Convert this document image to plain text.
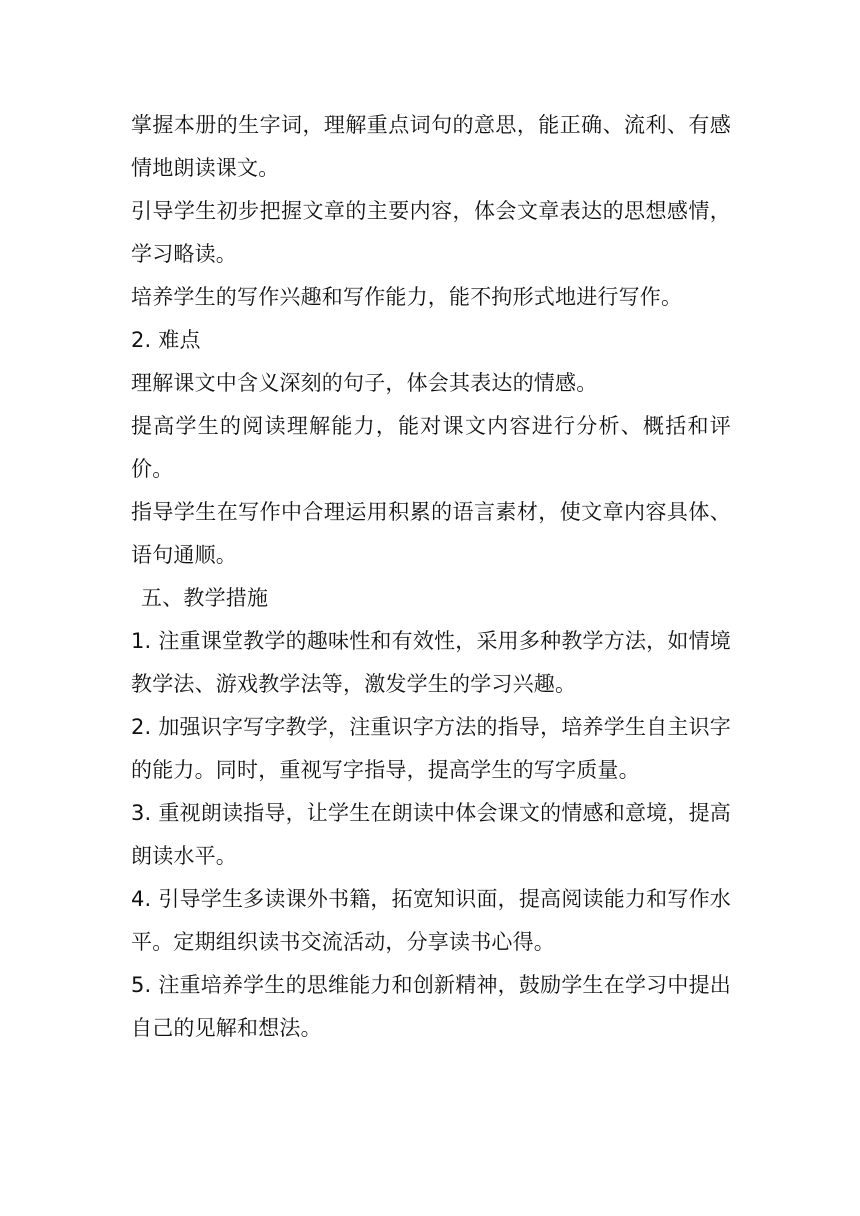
掌握本册的生字词，理解重点词句的意思，能正确、流利、有感情地朗读课文。

引导学生初步把握文章的主要内容，体会文章表达的思想感情，学习略读。

培养学生的写作兴趣和写作能力，能不拘形式地进行写作。

2. 难点

理解课文中含义深刻的句子，体会其表达的情感。

提高学生的阅读理解能力，能对课文内容进行分析、概括和评价。

指导学生在写作中合理运用积累的语言素材，使文章内容具体、语句通顺。

五、教学措施

1. 注重课堂教学的趣味性和有效性，采用多种教学方法，如情境教学法、游戏教学法等，激发学生的学习兴趣。

2. 加强识字写字教学，注重识字方法的指导，培养学生自主识字的能力。同时，重视写字指导，提高学生的写字质量。

3. 重视朗读指导，让学生在朗读中体会课文的情感和意境，提高朗读水平。

4. 引导学生多读课外书籍，拓宽知识面，提高阅读能力和写作水平。定期组织读书交流活动，分享读书心得。

5. 注重培养学生的思维能力和创新精神，鼓励学生在学习中提出自己的见解和想法。
